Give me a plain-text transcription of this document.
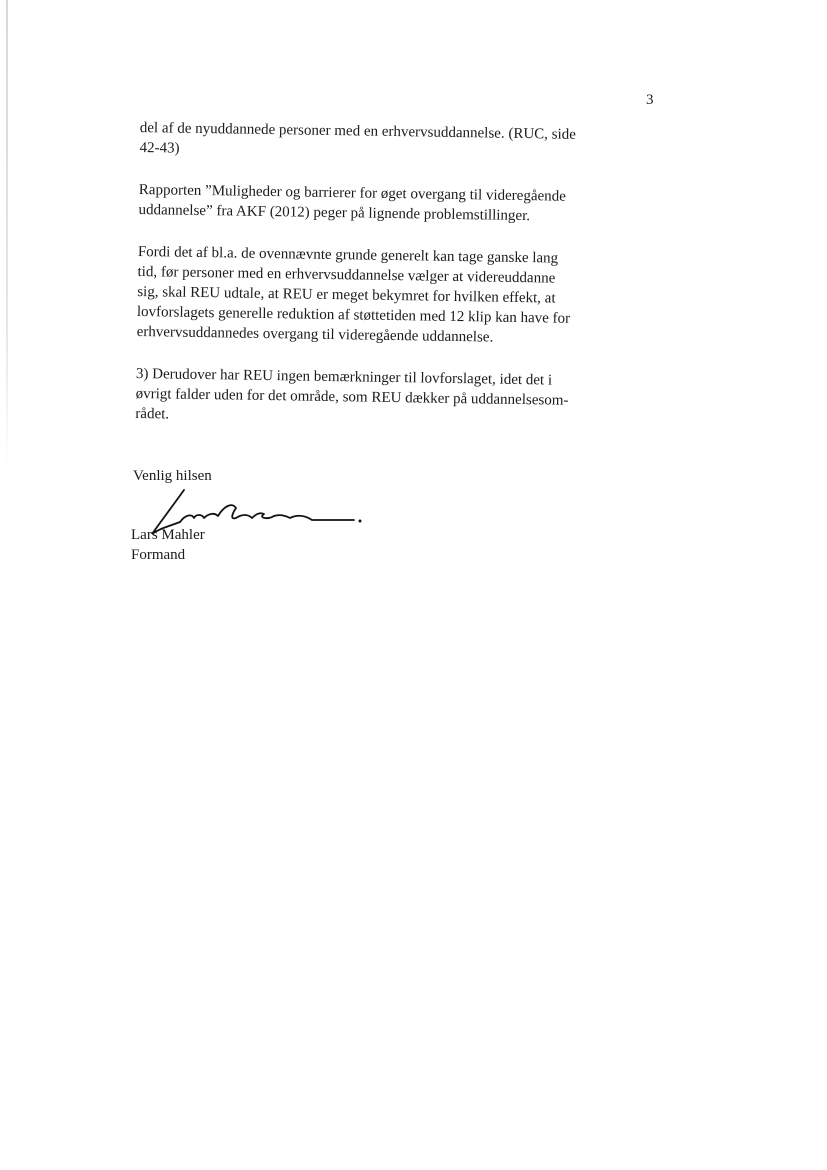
3

del af de nyuddannede personer med en erhvervsuddannelse. (RUC, side
42-43)

Rapporten ”Muligheder og barrierer for øget overgang til videregående
uddannelse” fra AKF (2012) peger på lignende problemstillinger.

Fordi det af bl.a. de ovennævnte grunde generelt kan tage ganske lang
tid, før personer med en erhvervsuddannelse vælger at videreuddanne
sig, skal REU udtale, at REU er meget bekymret for hvilken effekt, at
lovforslagets generelle reduktion af støttetiden med 12 klip kan have for
erhvervsuddannedes overgang til videregående uddannelse.

3) Derudover har REU ingen bemærkninger til lovforslaget, idet det i
øvrigt falder uden for det område, som REU dækker på uddannelsesom-
rådet.

Venlig hilsen
Lars Mahler
Formand
